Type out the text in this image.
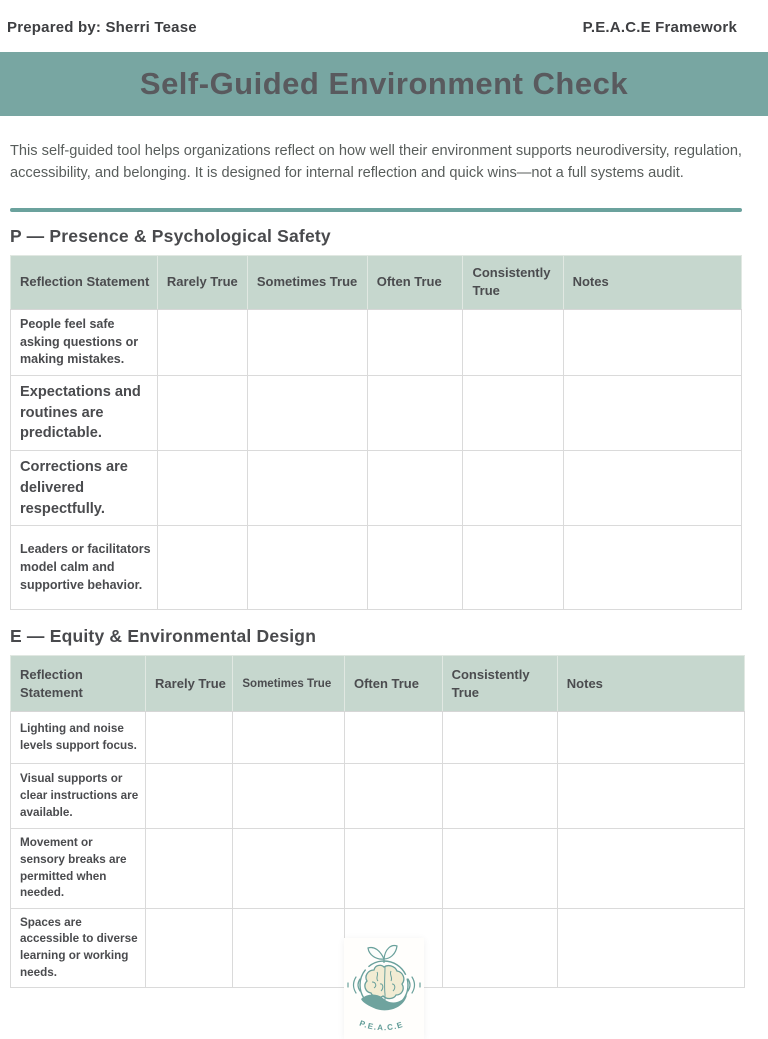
Prepared by: Sherri Tease	P.E.A.C.E Framework
Self-Guided Environment Check

This self-guided tool helps organizations reflect on how well their environment supports neurodiversity, regulation, accessibility, and belonging. It is designed for internal reflection and quick wins—not a full systems audit.

P — Presence & Psychological Safety
Reflection Statement	Rarely True	Sometimes True	Often True	Consistently True	Notes
People feel safe asking questions or making mistakes.					
Expectations and routines are predictable.					
Corrections are delivered respectfully.					
Leaders or facilitators model calm and supportive behavior.					
E — Equity & Environmental Design
Reflection Statement	Rarely True	Sometimes True	Often True	Consistently True	Notes
Lighting and noise levels support focus.					
Visual supports or clear instructions are available.					
Movement or sensory breaks are permitted when needed.					
Spaces are accessible to diverse learning or working needs.					
P.E.A.C.E
